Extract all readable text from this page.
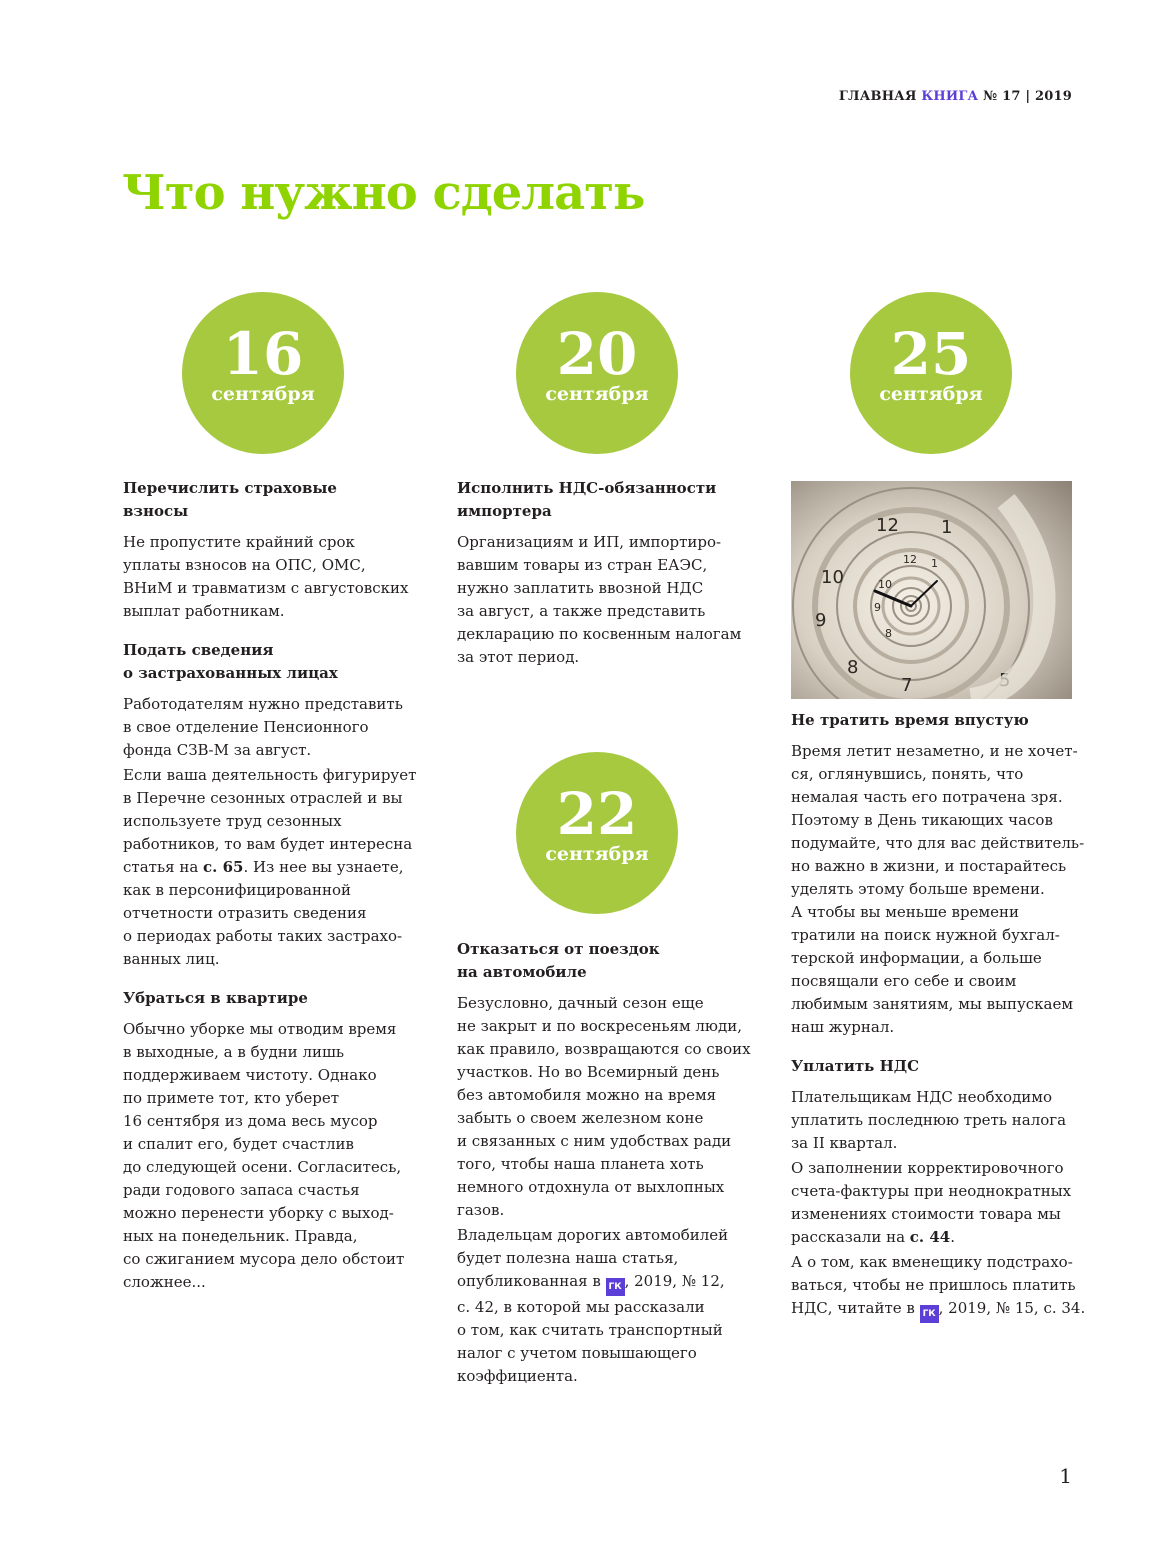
ГЛАВНАЯ КНИГА № 17 | 2019
Что нужно сделать
16
сентября
20
сентября
25
сентября
22
сентября
Перечислить страховые
взносы

Не пропустите крайний срок
уплаты взносов на ОПС, ОМС,
ВНиМ и травматизм с августовских
выплат работникам.

Подать сведения
о застрахованных лицах

Работодателям нужно представить
в свое отделение Пенсионного
фонда СЗВ-М за август.

Если ваша деятельность фигурирует
в Перечне сезонных отраслей и вы
используете труд сезонных
работников, то вам будет интересна
статья на с. 65. Из нее вы узнаете,
как в персонифицированной
отчетности отразить сведения
о периодах работы таких застрахо-
ванных лиц.

Убраться в квартире

Обычно уборке мы отводим время
в выходные, а в будни лишь
поддерживаем чистоту. Однако
по примете тот, кто уберет
16 сентября из дома весь мусор
и спалит его, будет счастлив
до следующей осени. Согласитесь,
ради годового запаса счастья
можно перенести уборку с выход-
ных на понедельник. Правда,
со сжиганием мусора дело обстоит
сложнее...

Исполнить НДС-обязанности
импортера

Организациям и ИП, импортиро-
вавшим товары из стран ЕАЭС,
нужно заплатить ввозной НДС
за август, а также представить
декларацию по косвенным налогам
за этот период.

Отказаться от поездок
на автомобиле

Безусловно, дачный сезон еще
не закрыт и по воскресеньям люди,
как правило, возвращаются со своих
участков. Но во Всемирный день
без автомобиля можно на время
забыть о своем железном коне
и связанных с ним удобствах ради
того, чтобы наша планета хоть
немного отдохнула от выхлопных
газов.

Владельцам дорогих автомобилей
будет полезна наша статья,
опубликованная в ГК , 2019, № 12,
с. 42, в которой мы рассказали
о том, как считать транспортный
налог с учетом повышающего
коэффициента.

12
10
9
8
7	5
1
12
10
9
8
1
Не тратить время впустую

Время летит незаметно, и не хочет-
ся, оглянувшись, понять, что
немалая часть его потрачена зря.
Поэтому в День тикающих часов
подумайте, что для вас действитель-
но важно в жизни, и постарайтесь
уделять этому больше времени.
А чтобы вы меньше времени
тратили на поиск нужной бухгал-
терской информации, а больше
посвящали его себе и своим
любимым занятиям, мы выпускаем
наш журнал.

Уплатить НДС

Плательщикам НДС необходимо
уплатить последнюю треть налога
за II квартал.

О заполнении корректировочного
счета-фактуры при неоднократных
изменениях стоимости товара мы
рассказали на с. 44.

А о том, как вменещику подстрахо-
ваться, чтобы не пришлось платить
НДС, читайте в ГК , 2019, № 15, с. 34.

1
